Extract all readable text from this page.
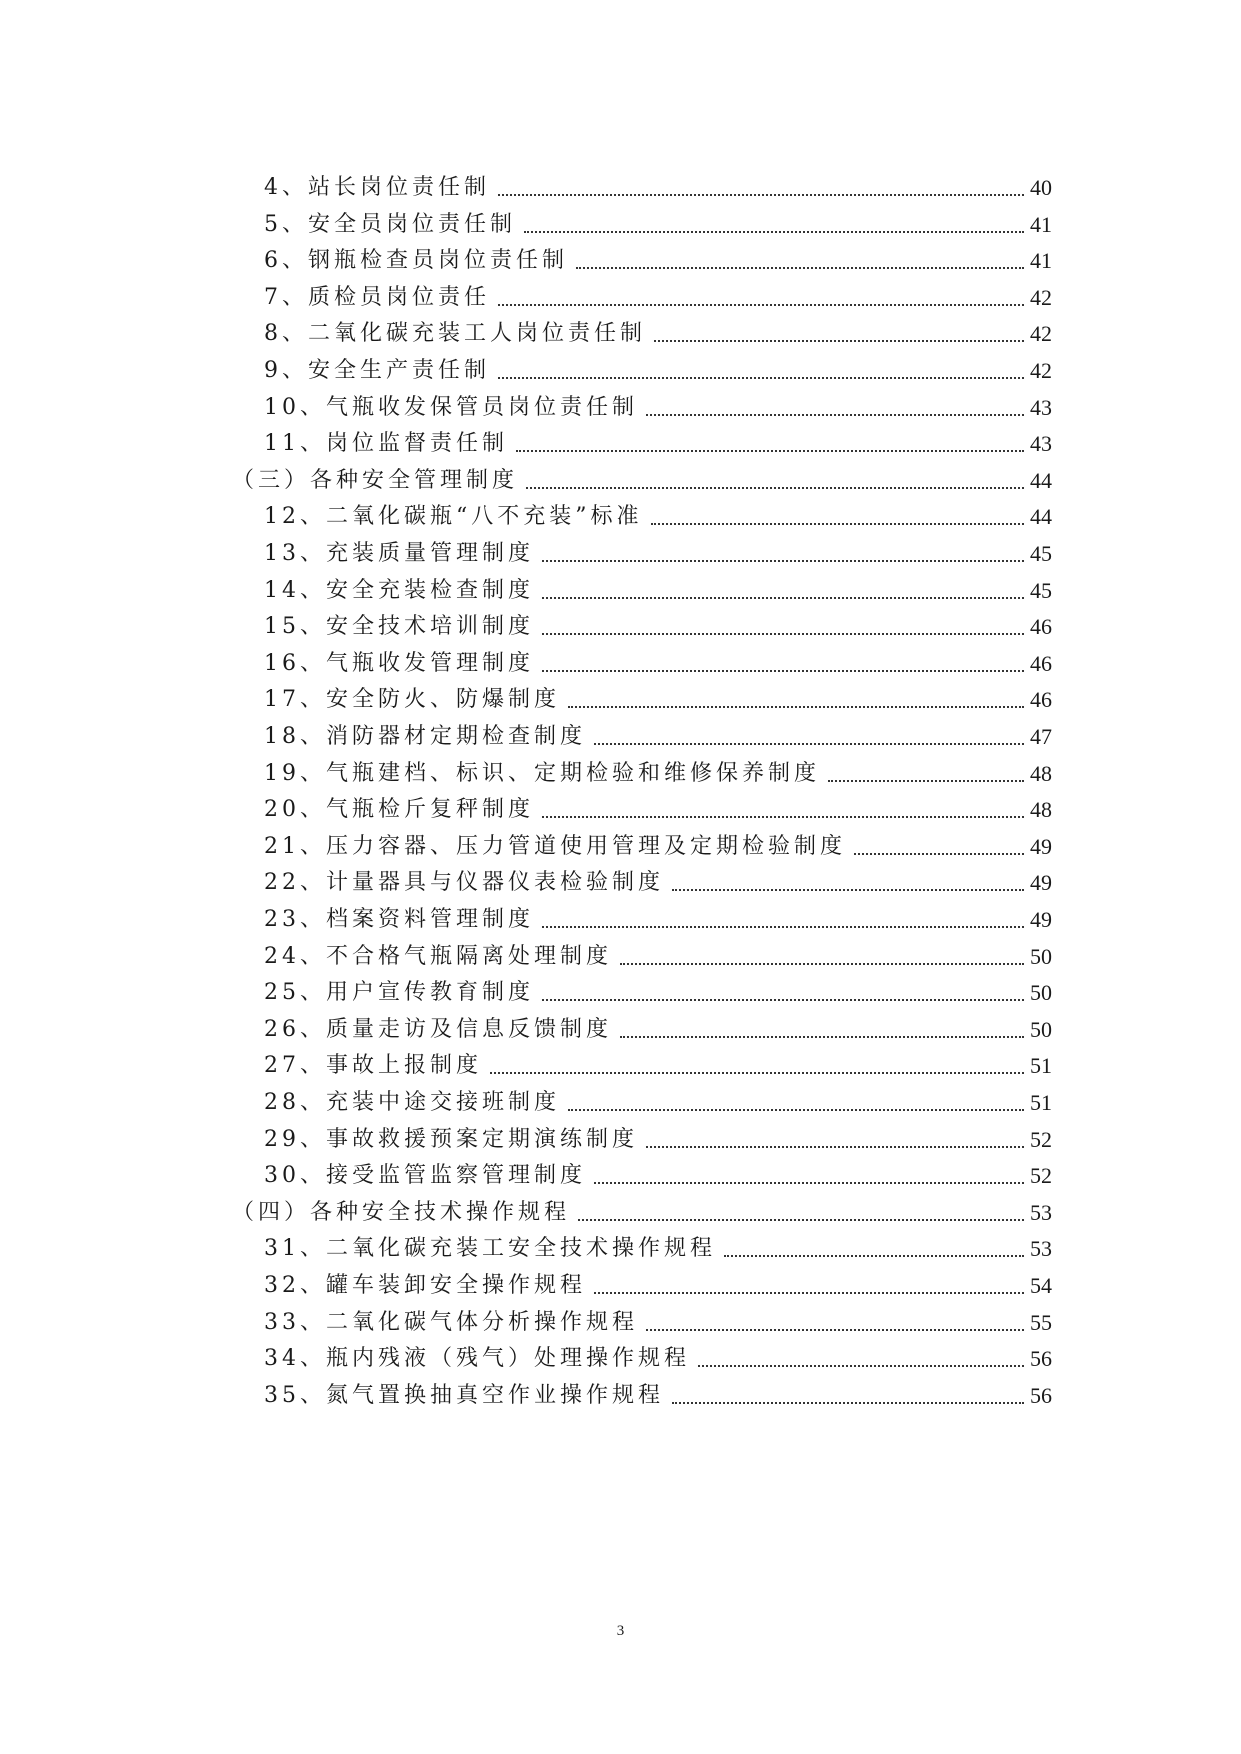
4、站长岗位责任制	40
5、安全员岗位责任制	41
6、钢瓶检查员岗位责任制	41
7、质检员岗位责任	42
8、二氧化碳充装工人岗位责任制	42
9、安全生产责任制	42
10、气瓶收发保管员岗位责任制	43
11、岗位监督责任制	43
（三）各种安全管理制度	44
12、二氧化碳瓶“八不充装”标准	44
13、充装质量管理制度	45
14、安全充装检查制度	45
15、安全技术培训制度	46
16、气瓶收发管理制度	46
17、安全防火、防爆制度	46
18、消防器材定期检查制度	47
19、气瓶建档、标识、定期检验和维修保养制度	48
20、气瓶检斤复秤制度	48
21、压力容器、压力管道使用管理及定期检验制度	49
22、计量器具与仪器仪表检验制度	49
23、档案资料管理制度	49
24、不合格气瓶隔离处理制度	50
25、用户宣传教育制度	50
26、质量走访及信息反馈制度	50
27、事故上报制度	51
28、充装中途交接班制度	51
29、事故救援预案定期演练制度	52
30、接受监管监察管理制度	52
（四）各种安全技术操作规程	53
31、二氧化碳充装工安全技术操作规程	53
32、罐车装卸安全操作规程	54
33、二氧化碳气体分析操作规程	55
34、瓶内残液（残气）处理操作规程	56
35、氮气置换抽真空作业操作规程	56
3
